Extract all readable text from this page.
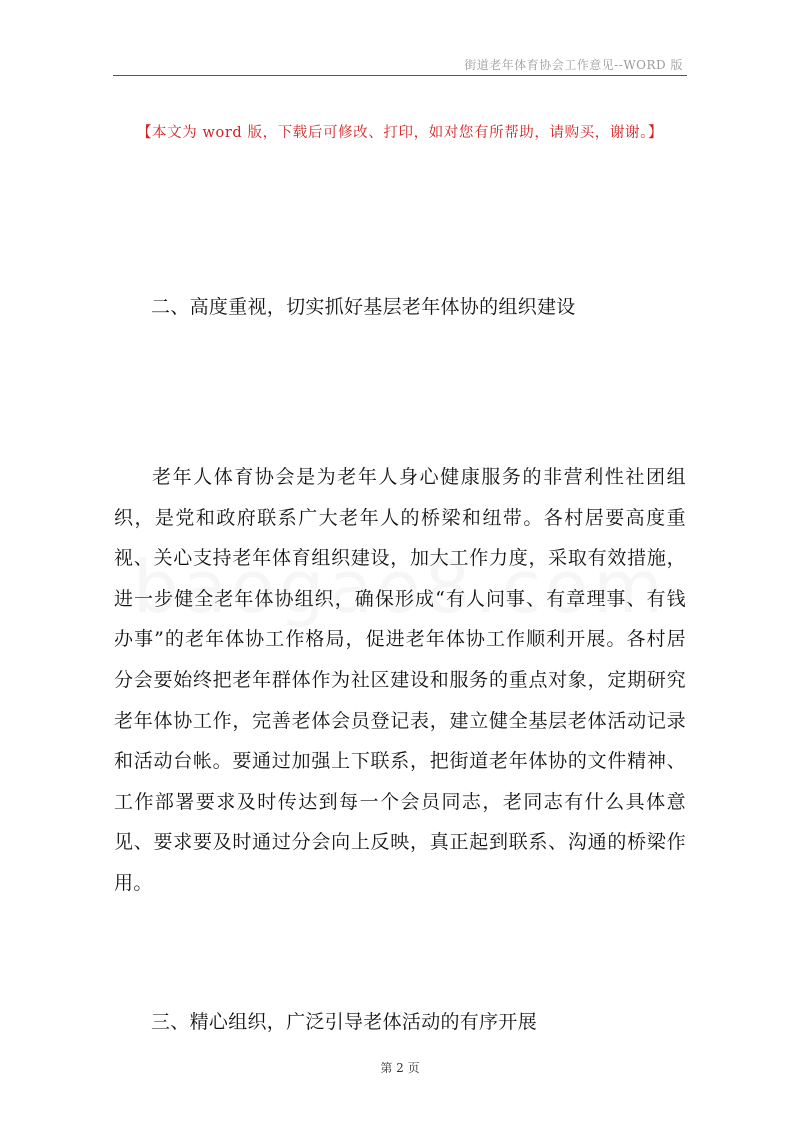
街道老年体育协会工作意见--WORD 版
【本文为 word 版，下载后可修改、打印，如对您有所帮助，请购买，谢谢。】
二、高度重视，切实抓好基层老年体协的组织建设

老年人体育协会是为老年人身心健康服务的非营利性社团组织，是党和政府联系广大老年人的桥梁和纽带。各村居要高度重视、关心支持老年体育组织建设，加大工作力度，采取有效措施，进一步健全老年体协组织，确保形成“有人问事、有章理事、有钱办事”的老年体协工作格局，促进老年体协工作顺利开展。各村居分会要始终把老年群体作为社区建设和服务的重点对象，定期研究老年体协工作，完善老体会员登记表，建立健全基层老体活动记录和活动台帐。要通过加强上下联系，把街道老年体协的文件精神、工作部署要求及时传达到每一个会员同志，老同志有什么具体意见、要求要及时通过分会向上反映，真正起到联系、沟通的桥梁作用。

三、精心组织，广泛引导老体活动的有序开展
第 2 页
